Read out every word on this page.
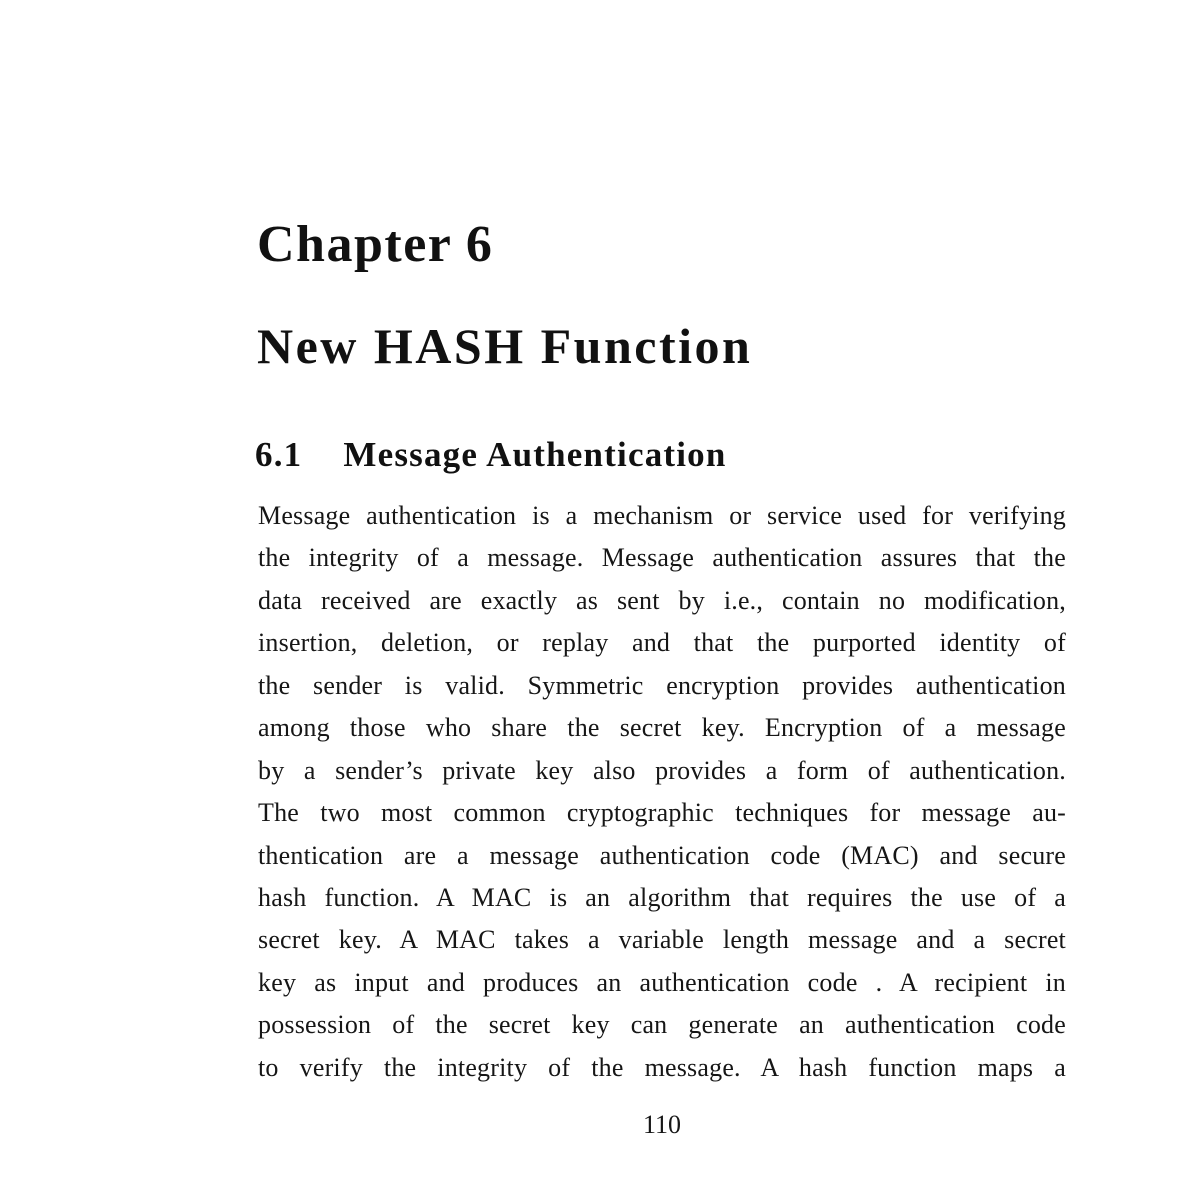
Chapter 6
New HASH Function
6.1 Message Authentication
Message authentication is a mechanism or service used for verifying
the integrity of a message. Message authentication assures that the
data received are exactly as sent by i.e., contain no modification,
insertion, deletion, or replay and that the purported identity of
the sender is valid. Symmetric encryption provides authentication
among those who share the secret key. Encryption of a message
by a sender’s private key also provides a form of authentication.
The two most common cryptographic techniques for message au-
thentication are a message authentication code (MAC) and secure
hash function. A MAC is an algorithm that requires the use of a
secret key. A MAC takes a variable length message and a secret
key as input and produces an authentication code . A recipient in
possession of the secret key can generate an authentication code
to verify the integrity of the message. A hash function maps a
110
